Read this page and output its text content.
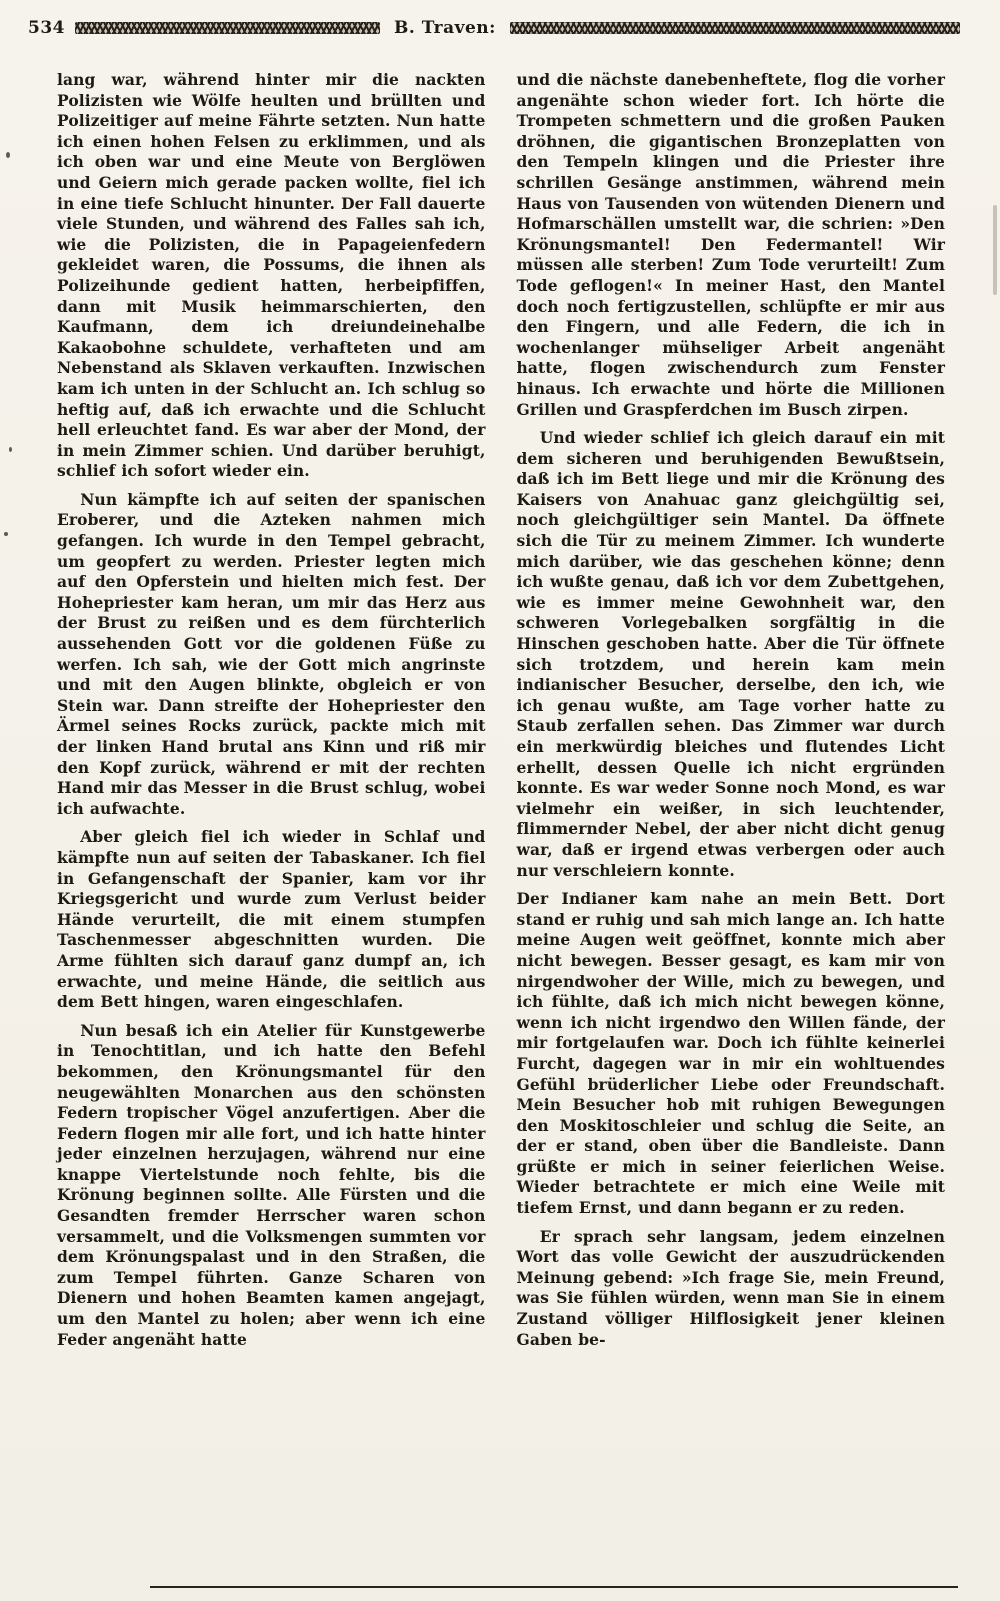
534	B. Traven:

lang war, während hinter mir die nackten Polizisten wie Wölfe heulten und brüllten und Polizeitiger auf meine Fährte setzten. Nun hatte ich einen hohen Felsen zu erklimmen, und als ich oben war und eine Meute von Berglöwen und Geiern mich gerade packen wollte, fiel ich in eine tiefe Schlucht hinunter. Der Fall dauerte viele Stunden, und während des Falles sah ich, wie die Polizisten, die in Papageienfedern gekleidet waren, die Possums, die ihnen als Polizeihunde gedient hatten, herbeipfiffen, dann mit Musik heimmarschierten, den Kaufmann, dem ich dreiundeinehalbe Kakaobohne schuldete, verhafteten und am Nebenstand als Sklaven verkauften. Inzwischen kam ich unten in der Schlucht an. Ich schlug so heftig auf, daß ich erwachte und die Schlucht hell erleuchtet fand. Es war aber der Mond, der in mein Zimmer schien. Und darüber beruhigt, schlief ich sofort wieder ein.

Nun kämpfte ich auf seiten der spanischen Eroberer, und die Azteken nahmen mich gefangen. Ich wurde in den Tempel gebracht, um geopfert zu werden. Priester legten mich auf den Opferstein und hielten mich fest. Der Hohepriester kam heran, um mir das Herz aus der Brust zu reißen und es dem fürchterlich aussehenden Gott vor die goldenen Füße zu werfen. Ich sah, wie der Gott mich angrinste und mit den Augen blinkte, obgleich er von Stein war. Dann streifte der Hohepriester den Ärmel seines Rocks zurück, packte mich mit der linken Hand brutal ans Kinn und riß mir den Kopf zurück, während er mit der rechten Hand mir das Messer in die Brust schlug, wobei ich aufwachte.

Aber gleich fiel ich wieder in Schlaf und kämpfte nun auf seiten der Tabaskaner. Ich fiel in Gefangenschaft der Spanier, kam vor ihr Kriegsgericht und wurde zum Verlust beider Hände verurteilt, die mit einem stumpfen Taschenmesser abgeschnitten wurden. Die Arme fühlten sich darauf ganz dumpf an, ich erwachte, und meine Hände, die seitlich aus dem Bett hingen, waren eingeschlafen.

Nun besaß ich ein Atelier für Kunstgewerbe in Tenochtitlan, und ich hatte den Befehl bekommen, den Krönungsmantel für den neugewählten Monarchen aus den schönsten Federn tropischer Vögel anzufertigen. Aber die Federn flogen mir alle fort, und ich hatte hinter jeder einzelnen herzujagen, während nur eine knappe Viertelstunde noch fehlte, bis die Krönung beginnen sollte. Alle Fürsten und die Gesandten fremder Herrscher waren schon versammelt, und die Volksmengen summten vor dem Krönungspalast und in den Straßen, die zum Tempel führten. Ganze Scharen von Dienern und hohen Beamten kamen angejagt, um den Mantel zu holen; aber wenn ich eine Feder angenäht hatte

und die nächste danebenheftete, flog die vorher angenähte schon wieder fort. Ich hörte die Trompeten schmettern und die großen Pauken dröhnen, die gigantischen Bronzeplatten von den Tempeln klingen und die Priester ihre schrillen Gesänge anstimmen, während mein Haus von Tausenden von wütenden Dienern und Hofmarschällen umstellt war, die schrien: »Den Krönungsmantel! Den Federmantel! Wir müssen alle sterben! Zum Tode verurteilt! Zum Tode geflogen!« In meiner Hast, den Mantel doch noch fertigzustellen, schlüpfte er mir aus den Fingern, und alle Federn, die ich in wochenlanger mühseliger Arbeit angenäht hatte, flogen zwischendurch zum Fenster hinaus. Ich erwachte und hörte die Millionen Grillen und Graspferdchen im Busch zirpen.

Und wieder schlief ich gleich darauf ein mit dem sicheren und beruhigenden Bewußtsein, daß ich im Bett liege und mir die Krönung des Kaisers von Anahuac ganz gleichgültig sei, noch gleichgültiger sein Mantel. Da öffnete sich die Tür zu meinem Zimmer. Ich wunderte mich darüber, wie das geschehen könne; denn ich wußte genau, daß ich vor dem Zubettgehen, wie es immer meine Gewohnheit war, den schweren Vorlegebalken sorgfältig in die Hinschen geschoben hatte. Aber die Tür öffnete sich trotzdem, und herein kam mein indianischer Besucher, derselbe, den ich, wie ich genau wußte, am Tage vorher hatte zu Staub zerfallen sehen. Das Zimmer war durch ein merkwürdig bleiches und flutendes Licht erhellt, dessen Quelle ich nicht ergründen konnte. Es war weder Sonne noch Mond, es war vielmehr ein weißer, in sich leuchtender, flimmernder Nebel, der aber nicht dicht genug war, daß er irgend etwas verbergen oder auch nur verschleiern konnte.

Der Indianer kam nahe an mein Bett. Dort stand er ruhig und sah mich lange an. Ich hatte meine Augen weit geöffnet, konnte mich aber nicht bewegen. Besser gesagt, es kam mir von nirgendwoher der Wille, mich zu bewegen, und ich fühlte, daß ich mich nicht bewegen könne, wenn ich nicht irgendwo den Willen fände, der mir fortgelaufen war. Doch ich fühlte keinerlei Furcht, dagegen war in mir ein wohltuendes Gefühl brüderlicher Liebe oder Freundschaft. Mein Besucher hob mit ruhigen Bewegungen den Moskitoschleier und schlug die Seite, an der er stand, oben über die Bandleiste. Dann grüßte er mich in seiner feierlichen Weise. Wieder betrachtete er mich eine Weile mit tiefem Ernst, und dann begann er zu reden.

Er sprach sehr langsam, jedem einzelnen Wort das volle Gewicht der auszudrückenden Meinung gebend: »Ich frage Sie, mein Freund, was Sie fühlen würden, wenn man Sie in einem Zustand völliger Hilflosigkeit jener kleinen Gaben be-
